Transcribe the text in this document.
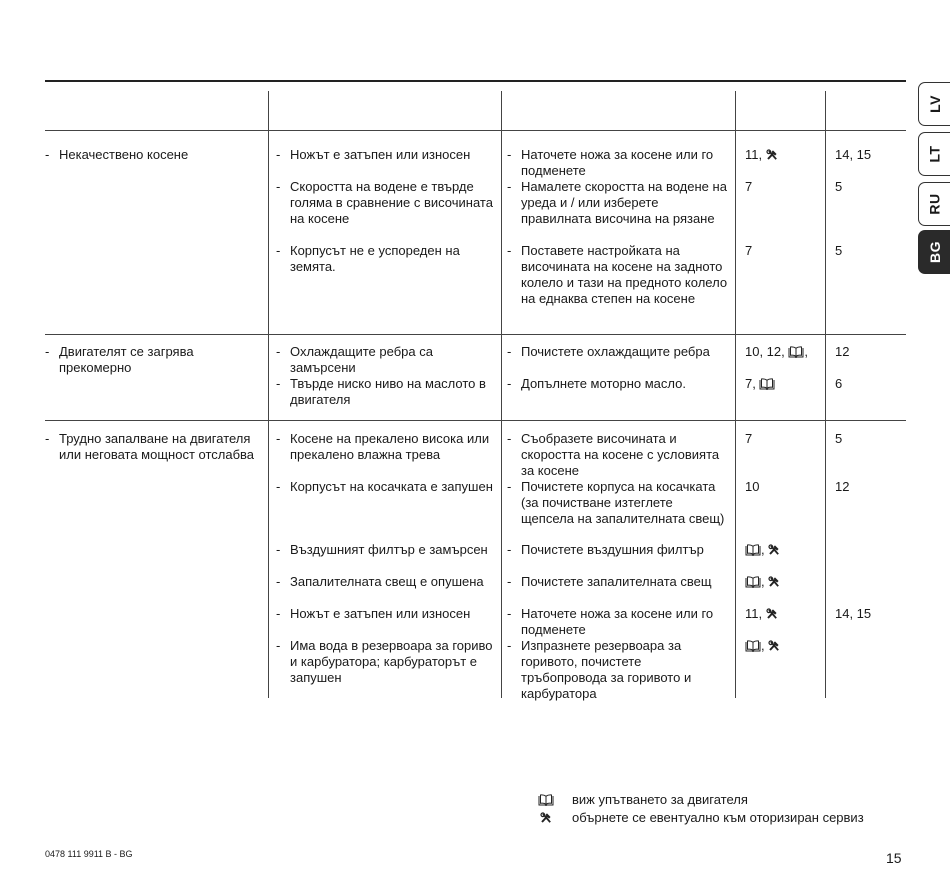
LV
LT
RU
BG
- Некачествено косене	- Ножът е затъпен или износен
- Скоростта на водене е твърде голяма в сравнение с височината на косене
- Корпусът не е успореден на земята.
- Наточете ножа за косене или го подменете
- Намалете скоростта на водене на уреда и / или изберете правилната височина на рязане
- Поставете настройката на височината на косене на задното колело и тази на предното колело на еднаква степен на косене
11,
7
7
14, 15
5
5
- Двигателят се загрява прекомерно
- Охлаждащите ребра са замърсени
- Твърде ниско ниво на маслото в двигателя
- Почистете охлаждащите ребра
- Допълнете моторно масло.
10, 12, ,
7,
12
6
- Трудно запалване на двигателя или неговата мощност отслабва
- Косене на прекалено висока или прекалено влажна трева
- Корпусът на косачката е запушен
- Въздушният филтър е замърсен
- Запалителната свещ е опушена
- Ножът е затъпен или износен
- Има вода в резервоара за гориво и карбуратора; карбураторът е запушен
- Съобразете височината и скоростта на косене с условията за косене
- Почистете корпуса на косачката (за почистване изтеглете щепсела на запалителната свещ)
- Почистете въздушния филтър
- Почистете запалителната свещ
- Наточете ножа за косене или го подменете
- Изпразнете резервоара за горивото, почистете тръбопровода за горивото и карбуратора
7
10
,
,
11,
,
5
12
14, 15
виж упътването за двигателя
обърнете се евентуално към оторизиран сервиз
0478 111 9911 B - BG	15
